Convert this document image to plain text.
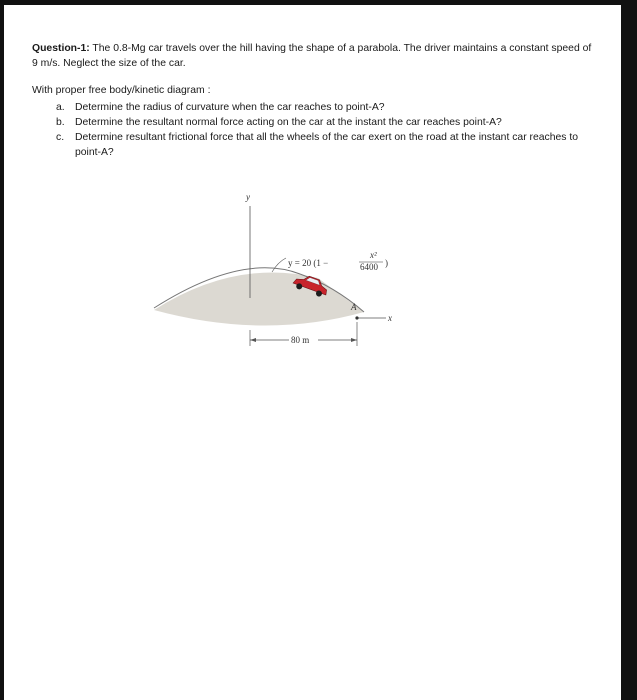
Question-1: The 0.8-Mg car travels over the hill having the shape of a parabola. The driver maintains a constant speed of 9 m/s. Neglect the size of the car.

With proper free body/kinetic diagram :
a. Determine the radius of curvature when the car reaches to point-A?
b. Determine the resultant normal force acting on the car at the instant the car reaches point-A?
c.	Determine resultant frictional force that all the wheels of the car exert on the road at the instant car reaches to point-A?
y
x
A
y = 20 (1 −
x²
6400 )
80 m
